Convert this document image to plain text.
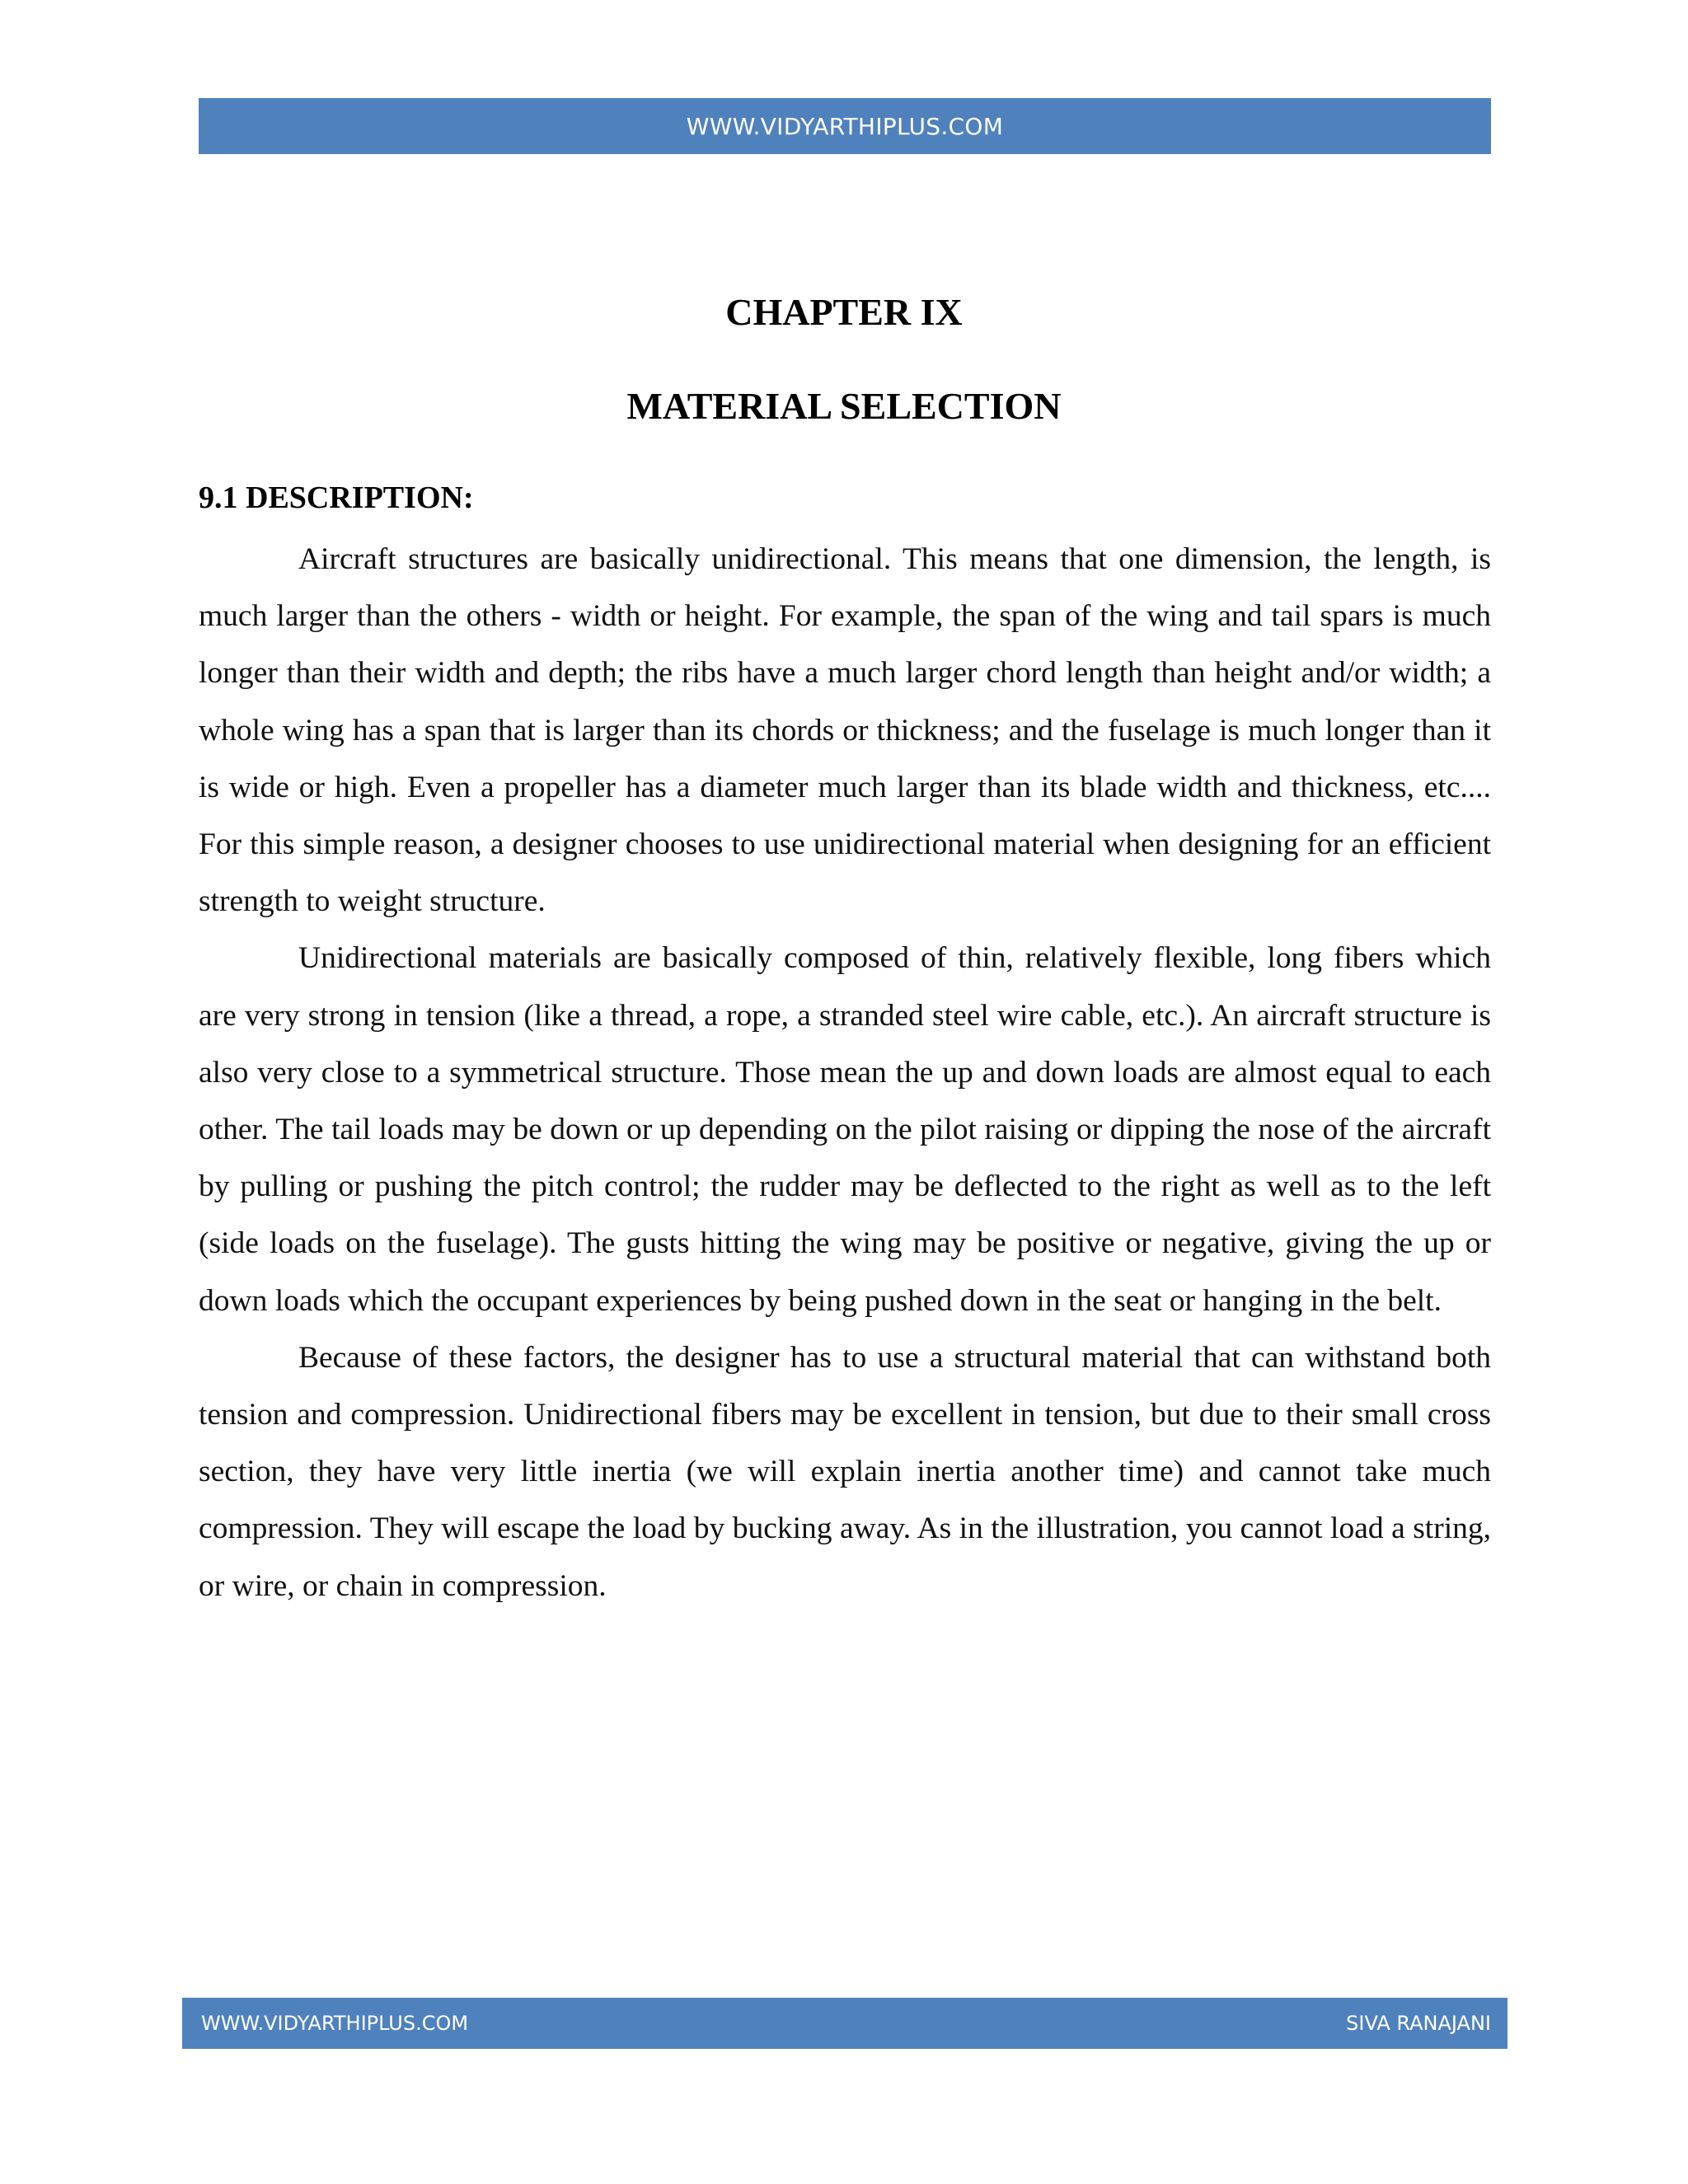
WWW.VIDYARTHIPLUS.COM
CHAPTER IX
MATERIAL SELECTION
9.1 DESCRIPTION:

Aircraft structures are basically unidirectional. This means that one dimension, the length, is much larger than the others - width or height. For example, the span of the wing and tail spars is much longer than their width and depth; the ribs have a much larger chord length than height and/or width; a whole wing has a span that is larger than its chords or thickness; and the fuselage is much longer than it is wide or high. Even a propeller has a diameter much larger than its blade width and thickness, etc.... For this simple reason, a designer chooses to use unidirectional material when designing for an efficient strength to weight structure.

Unidirectional materials are basically composed of thin, relatively flexible, long fibers which are very strong in tension (like a thread, a rope, a stranded steel wire cable, etc.). An aircraft structure is also very close to a symmetrical structure. Those mean the up and down loads are almost equal to each other. The tail loads may be down or up depending on the pilot raising or dipping the nose of the aircraft by pulling or pushing the pitch control; the rudder may be deflected to the right as well as to the left (side loads on the fuselage). The gusts hitting the wing may be positive or negative, giving the up or down loads which the occupant experiences by being pushed down in the seat or hanging in the belt.

Because of these factors, the designer has to use a structural material that can withstand both tension and compression. Unidirectional fibers may be excellent in tension, but due to their small cross section, they have very little inertia (we will explain inertia another time) and cannot take much compression. They will escape the load by bucking away. As in the illustration, you cannot load a string, or wire, or chain in compression.

WWW.VIDYARTHIPLUS.COM	SIVA RANAJANI
